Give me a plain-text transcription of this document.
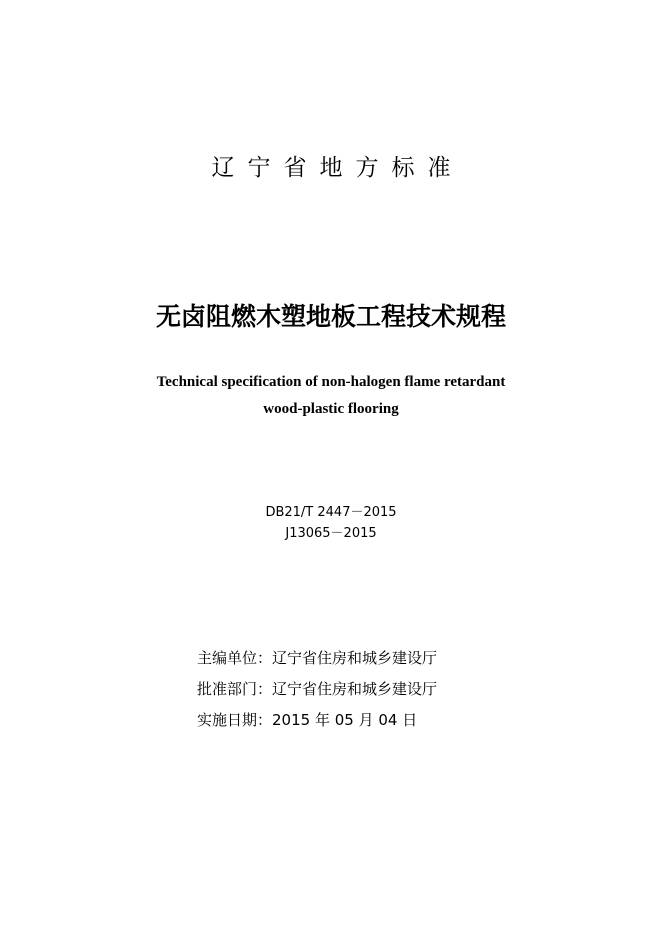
辽宁省地方标准
无卤阻燃木塑地板工程技术规程
Technical specification of non-halogen flame retardant
wood-plastic flooring
DB21/T 2447－2015
J13065－2015
主编单位：辽宁省住房和城乡建设厅
批准部门：辽宁省住房和城乡建设厅
实施日期：2015 年 05 月 04 日
